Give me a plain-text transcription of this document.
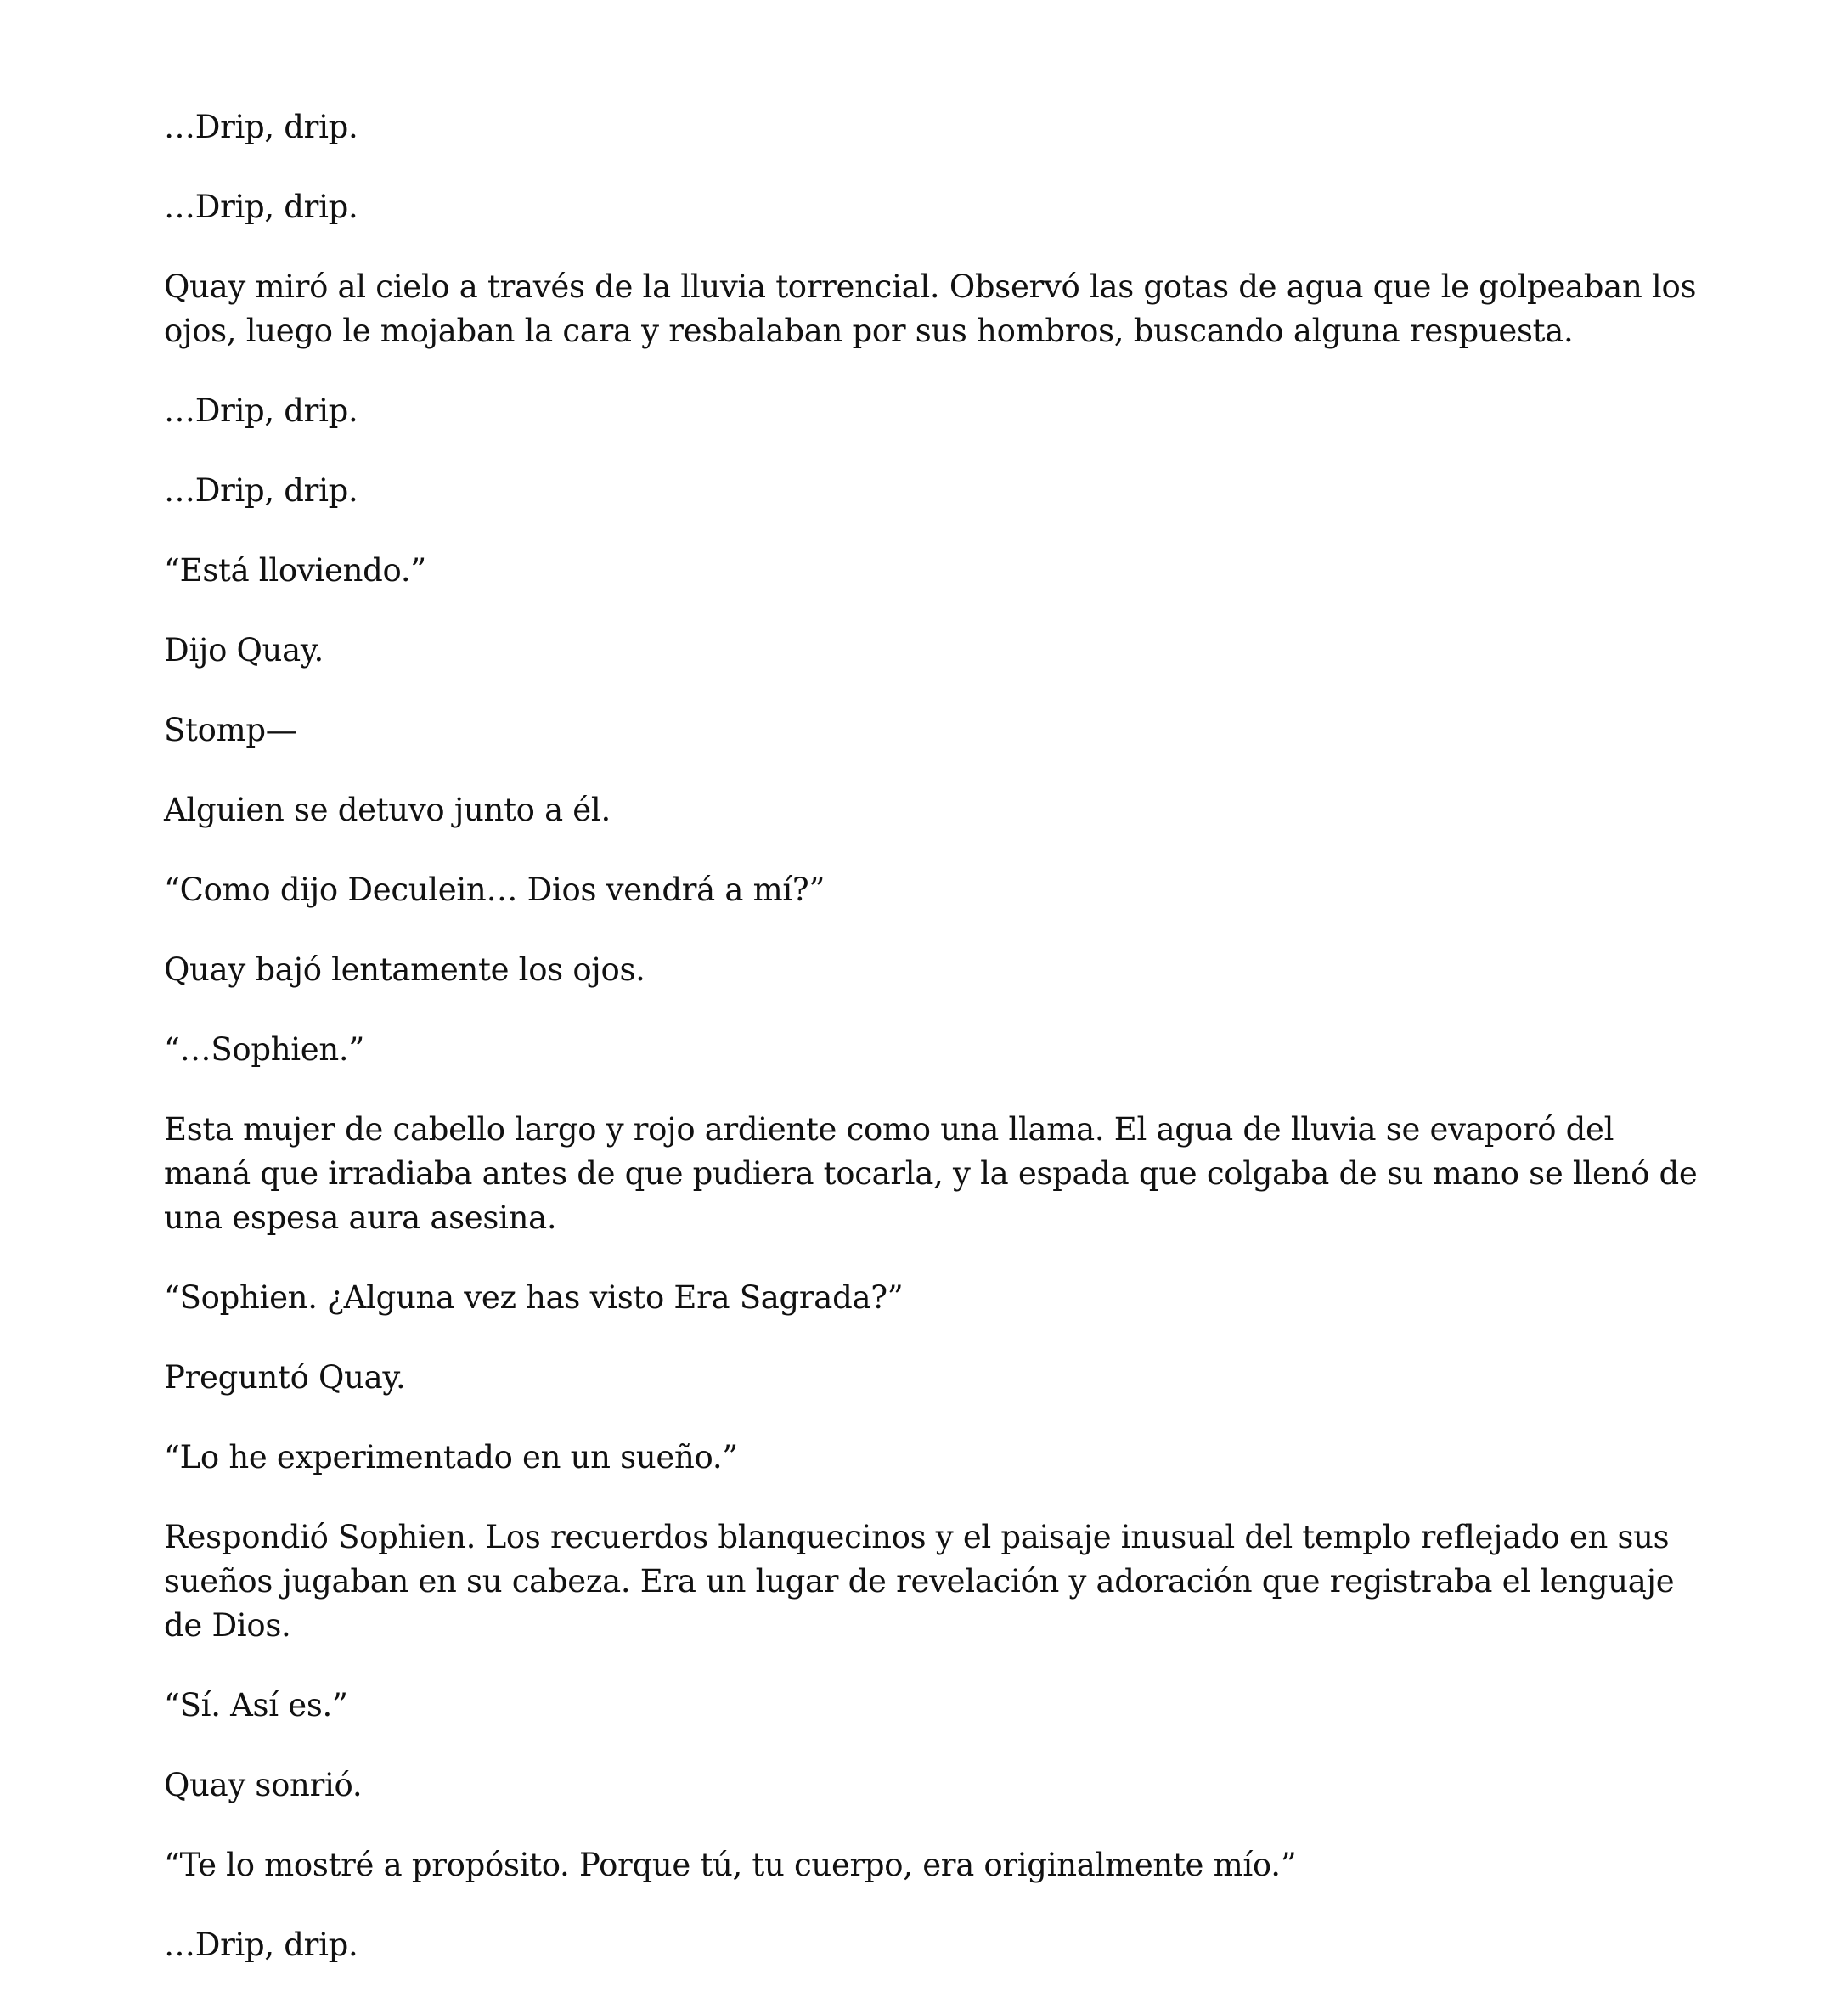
…Drip, drip.

…Drip, drip.

Quay miró al cielo a través de la lluvia torrencial. Observó las gotas de agua que le golpeaban los ojos, luego le mojaban la cara y resbalaban por sus hombros, buscando alguna respuesta.

…Drip, drip.

…Drip, drip.

“Está lloviendo.”

Dijo Quay.

Stomp—

Alguien se detuvo junto a él.

“Como dijo Deculein… Dios vendrá a mí?”

Quay bajó lentamente los ojos.

“…Sophien.”

Esta mujer de cabello largo y rojo ardiente como una llama. El agua de lluvia se evaporó del maná que irradiaba antes de que pudiera tocarla, y la espada que colgaba de su mano se llenó de una espesa aura asesina.

“Sophien. ¿Alguna vez has visto Era Sagrada?”

Preguntó Quay.

“Lo he experimentado en un sueño.”

Respondió Sophien. Los recuerdos blanquecinos y el paisaje inusual del templo reflejado en sus sueños jugaban en su cabeza. Era un lugar de revelación y adoración que registraba el lenguaje de Dios.

“Sí. Así es.”

Quay sonrió.

“Te lo mostré a propósito. Porque tú, tu cuerpo, era originalmente mío.”

…Drip, drip.
